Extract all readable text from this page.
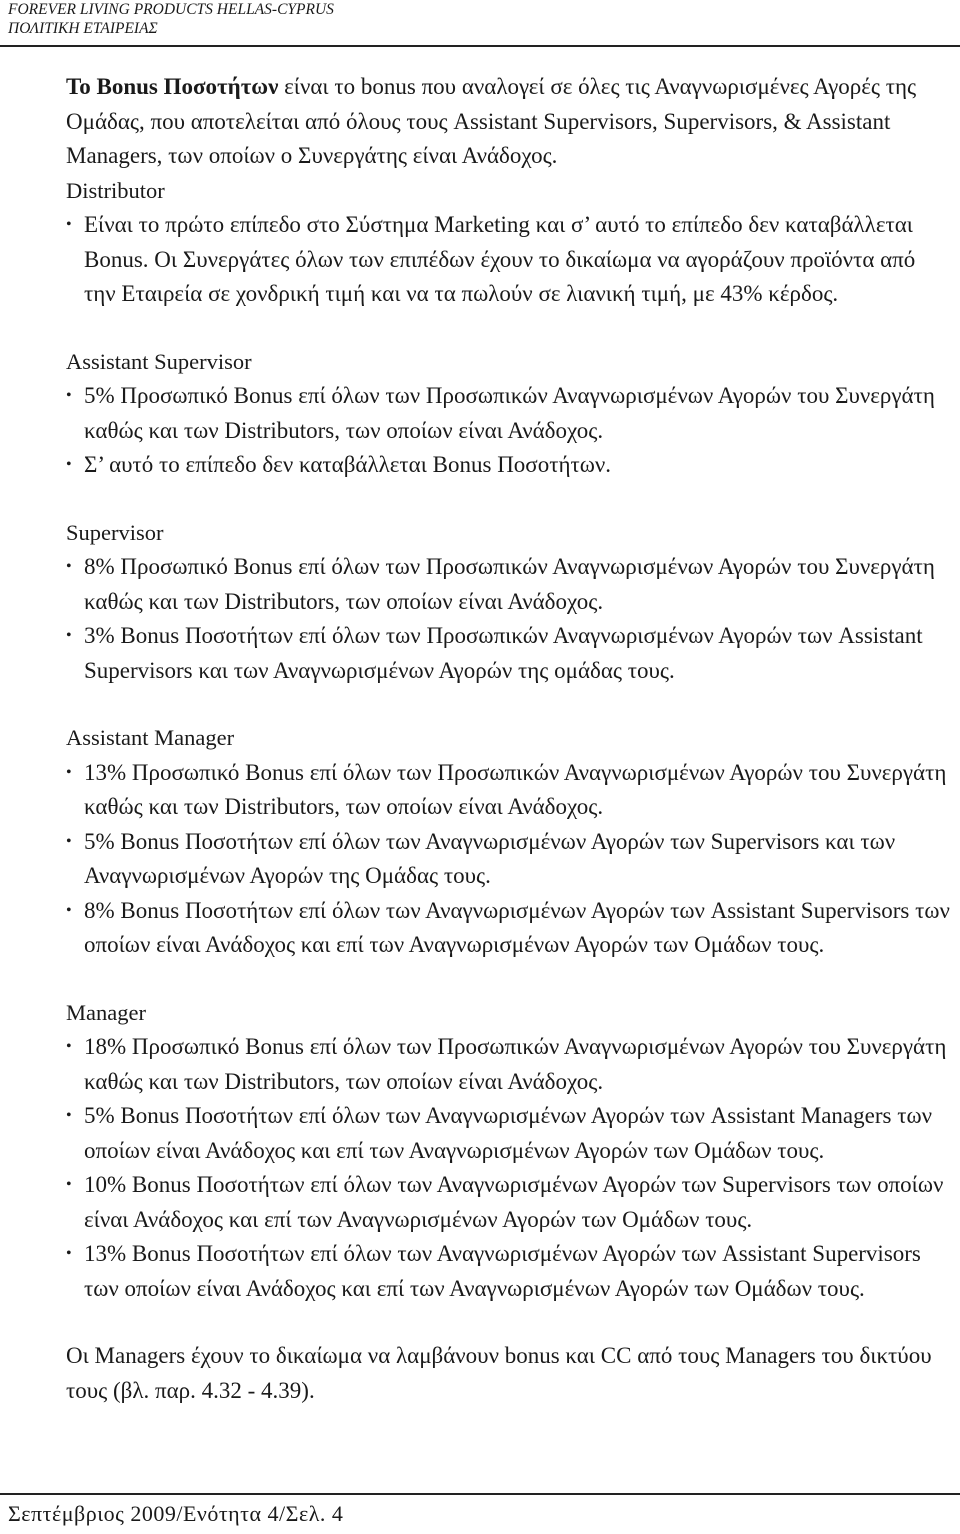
FOREVER LIVING PRODUCTS HELLAS-CYPRUS
ΠΟΛΙΤΙΚΗ ΕΤΑΙΡΕΙΑΣ

Το Bonus Ποσοτήτων είναι το bonus που αναλογεί σε όλες τις Αναγνωρισμένες Αγορές της Ομάδας, που αποτελείται από όλους τους Assistant Supervisors, Supervisors, & Assistant Managers, των οποίων ο Συνεργάτης είναι Ανάδοχος.

Distributor
• Είναι το πρώτο επίπεδο στο Σύστημα Marketing και σ’ αυτό το επίπεδο δεν καταβάλλεται Bonus. Οι Συνεργάτες όλων των επιπέδων έχουν το δικαίωμα να αγοράζουν προϊόντα από την Εταιρεία σε χονδρική τιμή και να τα πωλούν σε λιανική τιμή, με 43% κέρδος.
Assistant Supervisor
• 5% Προσωπικό Bonus επί όλων των Προσωπικών Αναγνωρισμένων Αγορών του Συνεργάτη καθώς και των Distributors, των οποίων είναι Ανάδοχος.
• Σ’ αυτό το επίπεδο δεν καταβάλλεται Bonus Ποσοτήτων.
Supervisor
• 8% Προσωπικό Bonus επί όλων των Προσωπικών Αναγνωρισμένων Αγορών του Συνεργάτη καθώς και των Distributors, των οποίων είναι Ανάδοχος.
• 3% Bonus Ποσοτήτων επί όλων των Προσωπικών Αναγνωρισμένων Αγορών των Assistant Supervisors και των Αναγνωρισμένων Αγορών της ομάδας τους.
Assistant Manager
• 13% Προσωπικό Bonus επί όλων των Προσωπικών Αναγνωρισμένων Αγορών του Συνεργάτη καθώς και των Distributors, των οποίων είναι Ανάδοχος.
• 5% Bonus Ποσοτήτων επί όλων των Αναγνωρισμένων Αγορών των Supervisors και των Αναγνωρισμένων Αγορών της Ομάδας τους.
• 8% Bonus Ποσοτήτων επί όλων των Αναγνωρισμένων Αγορών των Assistant Supervisors των οποίων είναι Ανάδοχος και επί των Αναγνωρισμένων Αγορών των Ομάδων τους.
Manager
• 18% Προσωπικό Bonus επί όλων των Προσωπικών Αναγνωρισμένων Αγορών του Συνεργάτη καθώς και των Distributors, των οποίων είναι Ανάδοχος.
• 5% Bonus Ποσοτήτων επί όλων των Αναγνωρισμένων Αγορών των Assistant Managers των οποίων είναι Ανάδοχος και επί των Αναγνωρισμένων Αγορών των Ομάδων τους.
• 10% Bonus Ποσοτήτων επί όλων των Αναγνωρισμένων Αγορών των Supervisors των οποίων είναι Ανάδοχος και επί των Αναγνωρισμένων Αγορών των Ομάδων τους.
• 13% Bonus Ποσοτήτων επί όλων των Αναγνωρισμένων Αγορών των Assistant Supervisors των οποίων είναι Ανάδοχος και επί των Αναγνωρισμένων Αγορών των Ομάδων τους.

Οι Managers έχουν το δικαίωμα να λαμβάνουν bonus και CC από τους Managers του δικτύου τους (βλ. παρ. 4.32 - 4.39).

Σεπτέμβριος 2009/Ενότητα 4/Σελ. 4
